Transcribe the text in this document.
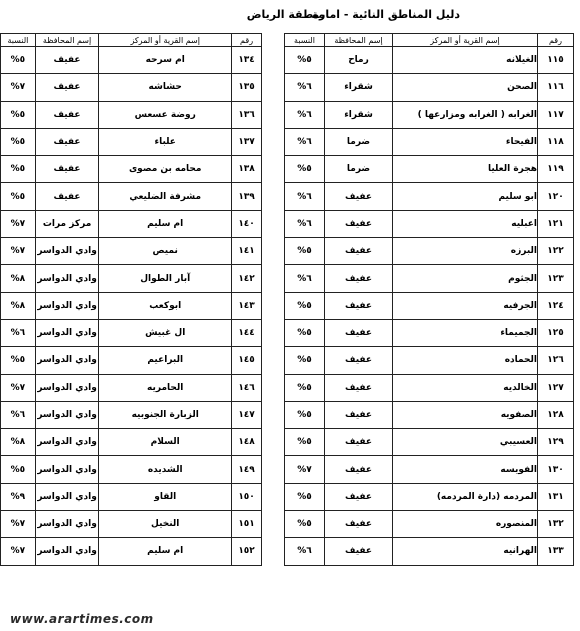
دليل المناطق النائية - امارة
منطقة الرياض
رقم	إسم القرية أو المركز	إسم المحافظة	النسبة
١١٥	الغيلانه	رماح	%٥
١١٦	الصحن	شقراء	%٦
١١٧	الغرابه ( الغرابه ومزارعها )	شقراء	%٦
١١٨	الفيحاء	ضرما	%٦
١١٩	هجرة العليا	ضرما	%٥
١٢٠	ابو سليم	عفيف	%٦
١٢١	اعبليه	عفيف	%٦
١٢٢	البرزه	عفيف	%٥
١٢٣	الجثوم	عفيف	%٦
١٢٤	الجرفيه	عفيف	%٥
١٢٥	الجميماء	عفيف	%٥
١٢٦	الحماده	عفيف	%٥
١٢٧	الخالديه	عفيف	%٥
١٢٨	الصفويه	عفيف	%٥
١٢٩	العسيبي	عفيف	%٥
١٣٠	الفويسه	عفيف	%٧
١٣١	المردمه (دارة المردمه)	عفيف	%٥
١٣٢	المنصوره	عفيف	%٥
١٣٣	الهرانيه	عفيف	%٦
رقم	إسم القرية أو المركز	إسم المحافظة	النسبة
١٣٤	ام سرحه	عفيف	%٥
١٣٥	حشاشه	عفيف	%٧
١٣٦	روضة عسعس	عفيف	%٥
١٣٧	علباء	عفيف	%٥
١٣٨	محامه بن مصوى	عفيف	%٥
١٣٩	مشرفة الضليعي	عفيف	%٥
١٤٠	ام سليم	مركز مرات	%٧
١٤١	نميص	وادي الدواسر	%٧
١٤٢	آبار الطوال	وادي الدواسر	%٨
١٤٣	ابوكعب	وادي الدواسر	%٨
١٤٤	ال غبيش	وادي الدواسر	%٦
١٤٥	البراعيم	وادي الدواسر	%٥
١٤٦	الحامريه	وادي الدواسر	%٧
١٤٧	الزبارة الجنوبيه	وادي الدواسر	%٦
١٤٨	السلام	وادي الدواسر	%٨
١٤٩	الشديده	وادي الدواسر	%٥
١٥٠	القاو	وادي الدواسر	%٩
١٥١	النخيل	وادي الدواسر	%٧
١٥٢	ام سليم	وادي الدواسر	%٧
www.arartimes.com
